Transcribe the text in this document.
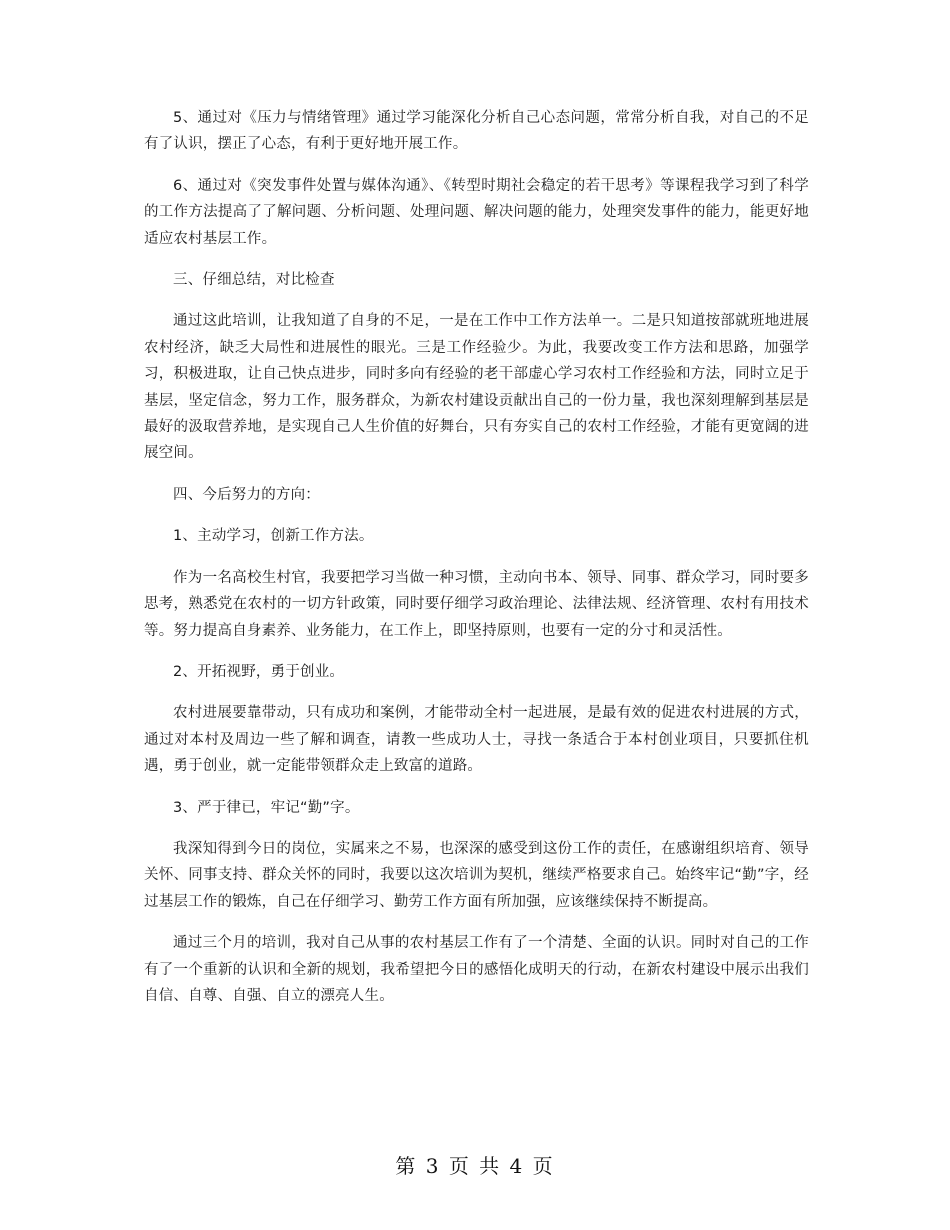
5、通过对《压力与情绪管理》通过学习能深化分析自己心态问题，常常分析自我，对自己的不足有了认识，摆正了心态，有利于更好地开展工作。

6、通过对《突发事件处置与媒体沟通》、《转型时期社会稳定的若干思考》等课程我学习到了科学的工作方法提高了了解问题、分析问题、处理问题、解决问题的能力，处理突发事件的能力，能更好地适应农村基层工作。

三、仔细总结，对比检查

通过这此培训，让我知道了自身的不足，一是在工作中工作方法单一。二是只知道按部就班地进展农村经济，缺乏大局性和进展性的眼光。三是工作经验少。为此，我要改变工作方法和思路，加强学习，积极进取，让自己快点进步，同时多向有经验的老干部虚心学习农村工作经验和方法，同时立足于基层，坚定信念，努力工作，服务群众，为新农村建设贡献出自己的一份力量，我也深刻理解到基层是最好的汲取营养地，是实现自己人生价值的好舞台，只有夯实自己的农村工作经验，才能有更宽阔的进展空间。

四、今后努力的方向：

1、主动学习，创新工作方法。

作为一名高校生村官，我要把学习当做一种习惯，主动向书本、领导、同事、群众学习，同时要多思考，熟悉党在农村的一切方针政策，同时要仔细学习政治理论、法律法规、经济管理、农村有用技术等。努力提高自身素养、业务能力，在工作上，即坚持原则，也要有一定的分寸和灵活性。

2、开拓视野，勇于创业。

农村进展要靠带动，只有成功和案例，才能带动全村一起进展，是最有效的促进农村进展的方式，通过对本村及周边一些了解和调查，请教一些成功人士，寻找一条适合于本村创业项目，只要抓住机遇，勇于创业，就一定能带领群众走上致富的道路。

3、严于律已，牢记“勤”字。

我深知得到今日的岗位，实属来之不易，也深深的感受到这份工作的责任，在感谢组织培育、领导关怀、同事支持、群众关怀的同时，我要以这次培训为契机，继续严格要求自己。始终牢记“勤”字，经过基层工作的锻炼，自己在仔细学习、勤劳工作方面有所加强，应该继续保持不断提高。

通过三个月的培训，我对自己从事的农村基层工作有了一个清楚、全面的认识。同时对自己的工作有了一个重新的认识和全新的规划，我希望把今日的感悟化成明天的行动，在新农村建设中展示出我们自信、自尊、自强、自立的漂亮人生。

第 3 页 共 4 页
